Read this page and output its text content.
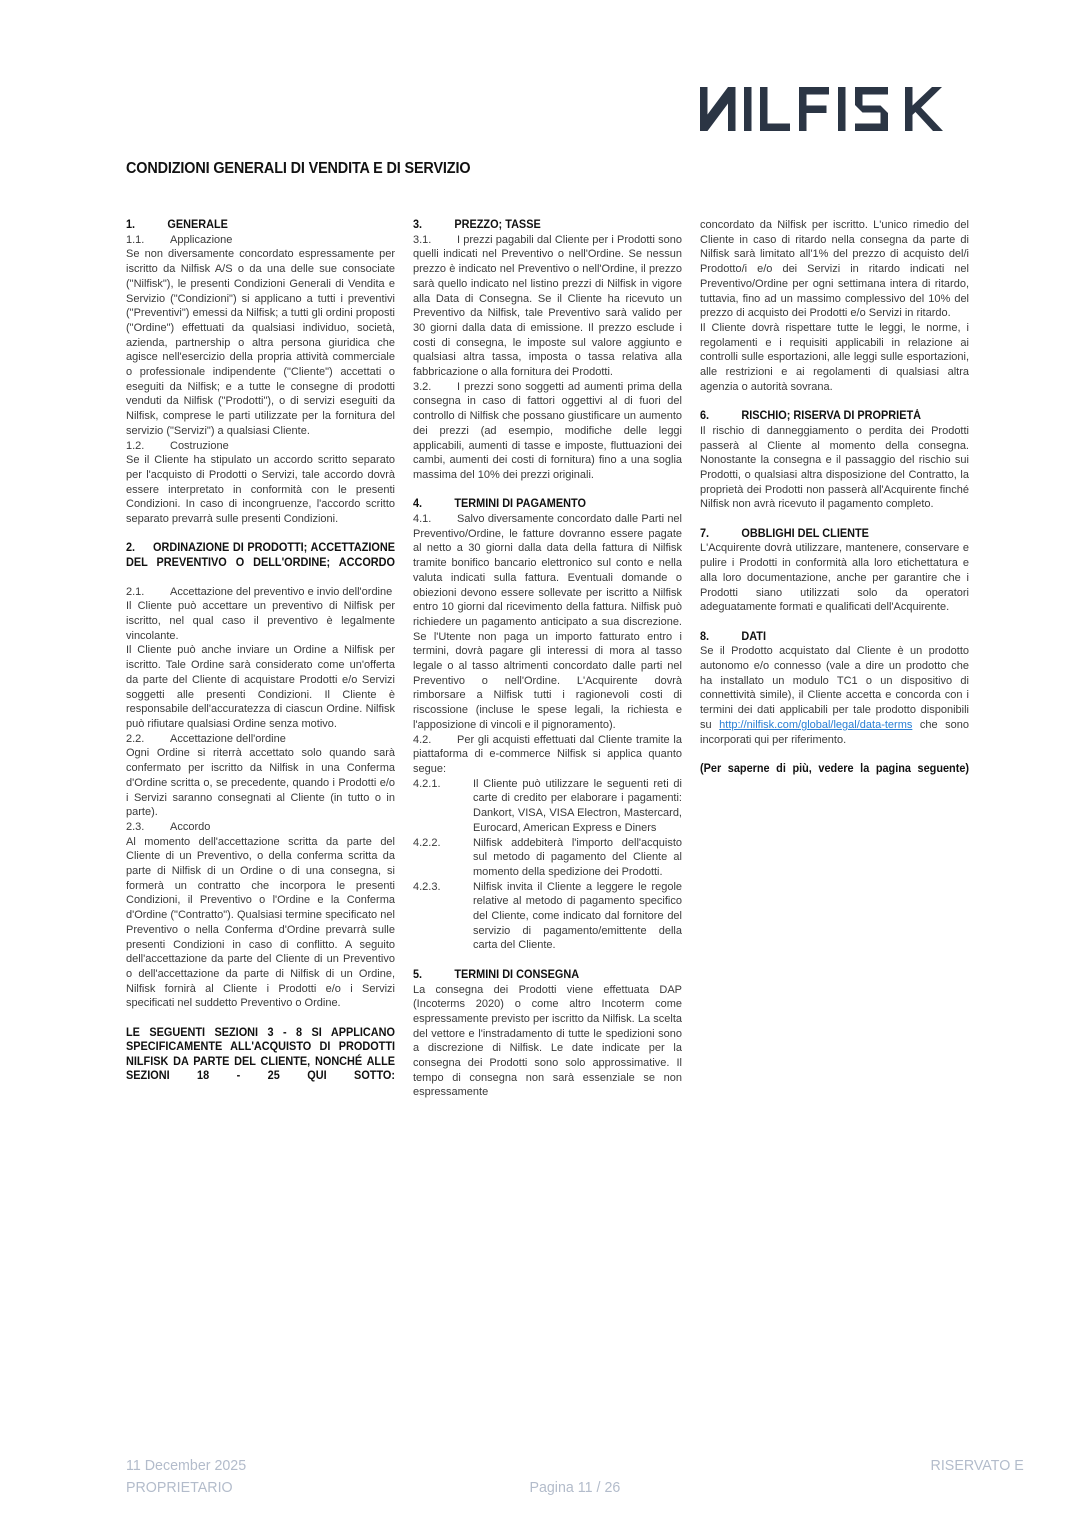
CONDIZIONI GENERALI DI VENDITA E DI SERVIZIO
1.	GENERALE
1.1.	Applicazione
Se non diversamente concordato espressamente per iscritto da Nilfisk A/S o da una delle sue consociate ("Nilfisk"), le presenti Condizioni Generali di Vendita e Servizio ("Condizioni") si applicano a tutti i preventivi ("Preventivi") emessi da Nilfisk; a tutti gli ordini proposti ("Ordine") effettuati da qualsiasi individuo, società, azienda, partnership o altra persona giuridica che agisce nell'esercizio della propria attività commerciale o professionale indipendente ("Cliente") accettati o eseguiti da Nilfisk; e a tutte le consegne di prodotti venduti da Nilfisk ("Prodotti"), o di servizi eseguiti da Nilfisk, comprese le parti utilizzate per la fornitura del servizio ("Servizi") a qualsiasi Cliente.
1.2.	Costruzione
Se il Cliente ha stipulato un accordo scritto separato per l'acquisto di Prodotti o Servizi, tale accordo dovrà essere interpretato in conformità con le presenti Condizioni. In caso di incongruenze, l'accordo scritto separato prevarrà sulle presenti Condizioni.
2. ORDINAZIONE DI PRODOTTI; ACCETTAZIONE DEL PREVENTIVO O DELL'ORDINE; ACCORDO
2.1. Accettazione del preventivo e invio dell'ordine
Il Cliente può accettare un preventivo di Nilfisk per iscritto, nel qual caso il preventivo è legalmente vincolante.
Il Cliente può anche inviare un Ordine a Nilfisk per iscritto. Tale Ordine sarà considerato come un'offerta da parte del Cliente di acquistare Prodotti e/o Servizi soggetti alle presenti Condizioni. Il Cliente è responsabile dell'accuratezza di ciascun Ordine. Nilfisk può rifiutare qualsiasi Ordine senza motivo.
2.2.	Accettazione dell'ordine
Ogni Ordine si riterrà accettato solo quando sarà confermato per iscritto da Nilfisk in una Conferma d'Ordine scritta o, se precedente, quando i Prodotti e/o i Servizi saranno consegnati al Cliente (in tutto o in parte).
2.3.	Accordo
Al momento dell'accettazione scritta da parte del Cliente di un Preventivo, o della conferma scritta da parte di Nilfisk di un Ordine o di una consegna, si formerà un contratto che incorpora le presenti Condizioni, il Preventivo o l'Ordine e la Conferma d'Ordine ("Contratto"). Qualsiasi termine specificato nel Preventivo o nella Conferma d'Ordine prevarrà sulle presenti Condizioni in caso di conflitto. A seguito dell'accettazione da parte del Cliente di un Preventivo o dell'accettazione da parte di Nilfisk di un Ordine, Nilfisk fornirà al Cliente i Prodotti e/o i Servizi specificati nel suddetto Preventivo o Ordine.
LE SEGUENTI SEZIONI 3 - 8 SI APPLICANO SPECIFICAMENTE ALL'ACQUISTO DI PRODOTTI NILFISK DA PARTE DEL CLIENTE, NONCHÉ ALLE SEZIONI 18 - 25 QUI SOTTO:
3.	PREZZO; TASSE
3.1. I prezzi pagabili dal Cliente per i Prodotti sono quelli indicati nel Preventivo o nell'Ordine. Se nessun prezzo è indicato nel Preventivo o nell'Ordine, il prezzo sarà quello indicato nel listino prezzi di Nilfisk in vigore alla Data di Consegna. Se il Cliente ha ricevuto un Preventivo da Nilfisk, tale Preventivo sarà valido per 30 giorni dalla data di emissione. Il prezzo esclude i costi di consegna, le imposte sul valore aggiunto e qualsiasi altra tassa, imposta o tassa relativa alla fabbricazione o alla fornitura dei Prodotti.
3.2. I prezzi sono soggetti ad aumenti prima della consegna in caso di fattori oggettivi al di fuori del controllo di Nilfisk che possano giustificare un aumento dei prezzi (ad esempio, modifiche delle leggi applicabili, aumenti di tasse e imposte, fluttuazioni dei cambi, aumenti dei costi di fornitura) fino a una soglia massima del 10% dei prezzi originali.
4.	TERMINI DI PAGAMENTO
4.1. Salvo diversamente concordato dalle Parti nel Preventivo/Ordine, le fatture dovranno essere pagate al netto a 30 giorni dalla data della fattura di Nilfisk tramite bonifico bancario elettronico sul conto e nella valuta indicati sulla fattura. Eventuali domande o obiezioni devono essere sollevate per iscritto a Nilfisk entro 10 giorni dal ricevimento della fattura. Nilfisk può richiedere un pagamento anticipato a sua discrezione. Se l'Utente non paga un importo fatturato entro i termini, dovrà pagare gli interessi di mora al tasso legale o al tasso altrimenti concordato dalle parti nel Preventivo o nell'Ordine. L'Acquirente dovrà rimborsare a Nilfisk tutti i ragionevoli costi di riscossione (incluse le spese legali, la richiesta e l'apposizione di vincoli e il pignoramento).
4.2. Per gli acquisti effettuati dal Cliente tramite la piattaforma di e-commerce Nilfisk si applica quanto segue:
4.2.1.	Il Cliente può utilizzare le seguenti reti di carte di credito per elaborare i pagamenti: Dankort, VISA, VISA Electron, Mastercard, Eurocard, American Express e Diners
4.2.2.	Nilfisk addebiterà l'importo dell'acquisto sul metodo di pagamento del Cliente al momento della spedizione dei Prodotti.
4.2.3.	Nilfisk invita il Cliente a leggere le regole relative al metodo di pagamento specifico del Cliente, come indicato dal fornitore del servizio di pagamento/emittente della carta del Cliente.
5.	TERMINI DI CONSEGNA
La consegna dei Prodotti viene effettuata DAP (Incoterms 2020) o come altro Incoterm come espressamente previsto per iscritto da Nilfisk. La scelta del vettore e l'instradamento di tutte le spedizioni sono a discrezione di Nilfisk. Le date indicate per la consegna dei Prodotti sono solo approssimative. Il tempo di consegna non sarà essenziale se non espressamente
concordato da Nilfisk per iscritto. L'unico rimedio del Cliente in caso di ritardo nella consegna da parte di Nilfisk sarà limitato all'1% del prezzo di acquisto del/i Prodotto/i e/o dei Servizi in ritardo indicati nel Preventivo/Ordine per ogni settimana intera di ritardo, tuttavia, fino ad un massimo complessivo del 10% del prezzo di acquisto dei Prodotti e/o Servizi in ritardo.
Il Cliente dovrà rispettare tutte le leggi, le norme, i regolamenti e i requisiti applicabili in relazione ai controlli sulle esportazioni, alle leggi sulle esportazioni, alle restrizioni e ai regolamenti di qualsiasi altra agenzia o autorità sovrana.
6.	RISCHIO; RISERVA DI PROPRIETÀ
Il rischio di danneggiamento o perdita dei Prodotti passerà al Cliente al momento della consegna. Nonostante la consegna e il passaggio del rischio sui Prodotti, o qualsiasi altra disposizione del Contratto, la proprietà dei Prodotti non passerà all'Acquirente finché Nilfisk non avrà ricevuto il pagamento completo.
7.	OBBLIGHI DEL CLIENTE
L'Acquirente dovrà utilizzare, mantenere, conservare e pulire i Prodotti in conformità alla loro etichettatura e alla loro documentazione, anche per garantire che i Prodotti siano utilizzati solo da operatori adeguatamente formati e qualificati dell'Acquirente.
8.	DATI
Se il Prodotto acquistato dal Cliente è un prodotto autonomo e/o connesso (vale a dire un prodotto che ha installato un modulo TC1 o un dispositivo di connettività simile), il Cliente accetta e concorda con i termini dei dati applicabili per tale prodotto disponibili su http://nilfisk.com/global/legal/data-terms che sono incorporati qui per riferimento.
(Per saperne di più, vedere la pagina seguente)
11 December 2025	RISERVATO E
PROPRIETARIO	Pagina 11 / 26
